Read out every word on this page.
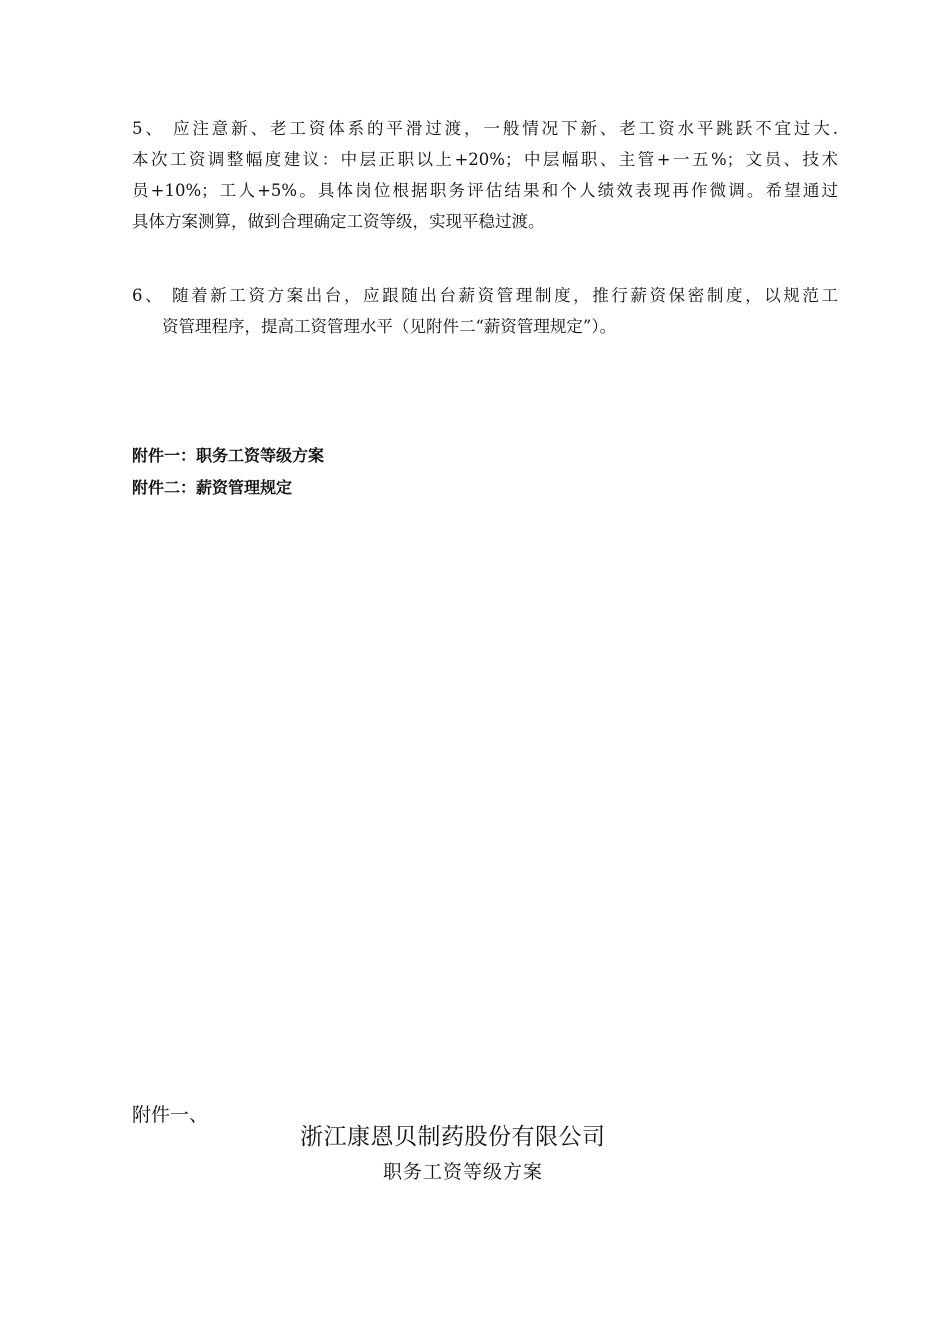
5、 应注意新、老工资体系的平滑过渡，一般情况下新、老工资水平跳跃不宜过大.
本次工资调整幅度建议：中层正职以上+20%；中层幅职、主管+一五%；文员、技术
员+10%；工人+5%。具体岗位根据职务评估结果和个人绩效表现再作微调。希望通过
具体方案测算，做到合理确定工资等级，实现平稳过渡。

6、 随着新工资方案出台，应跟随出台薪资管理制度，推行薪资保密制度，以规范工
资管理程序，提高工资管理水平（见附件二“薪资管理规定”）。

附件一：职务工资等级方案
附件二：薪资管理规定
附件一、
浙江康恩贝制药股份有限公司
职务工资等级方案
